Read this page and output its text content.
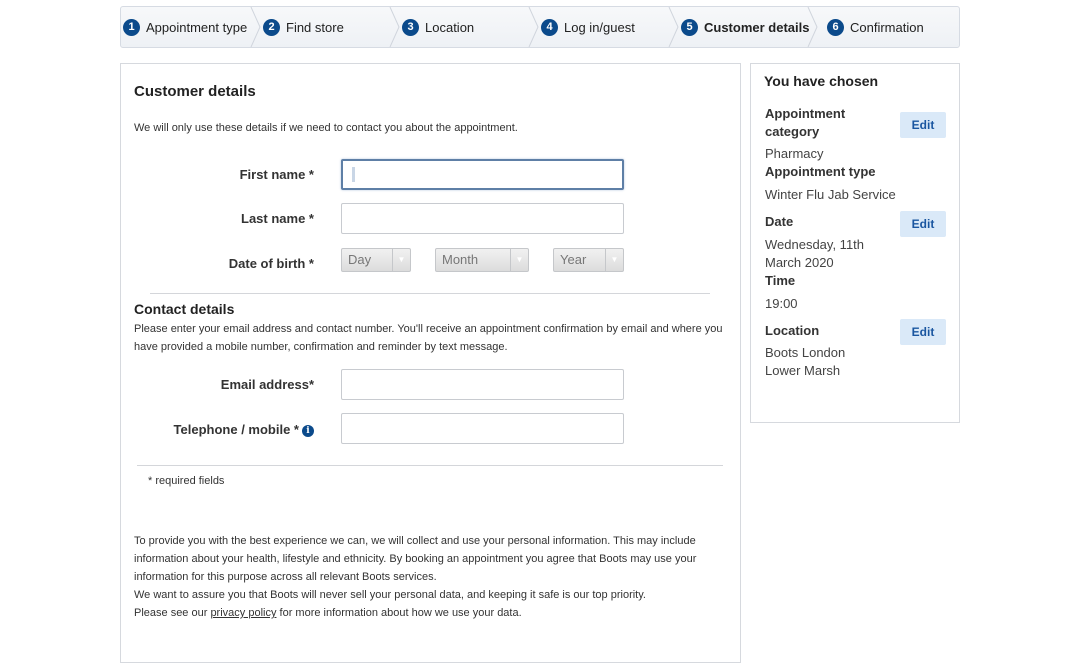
1 Appointment type	2 Find store	3 Location	4 Log in/guest	5 Customer details	6 Confirmation
Customer details
We will only use these details if we need to contact you about the appointment.
First name *
Last name *
Date of birth *	Day	▼	Month	▼	Year	▼
Contact details
Please enter your email address and contact number. You'll receive an appointment confirmation by email and where you
have provided a mobile number, confirmation and reminder by text message.
Email address*
Telephone / mobile * i
* required fields
To provide you with the best experience we can, we will collect and use your personal information. This may include
information about your health, lifestyle and ethnicity. By booking an appointment you agree that Boots may use your
information for this purpose across all relevant Boots services.
We want to assure you that Boots will never sell your personal data, and keeping it safe is our top priority.
Please see our privacy policy for more information about how we use your data.
You have chosen
Appointment
category	Edit
Pharmacy
Appointment type
Winter Flu Jab Service
Date	Edit
Wednesday, 11th
March 2020
Time
19:00
Location	Edit
Boots London
Lower Marsh
